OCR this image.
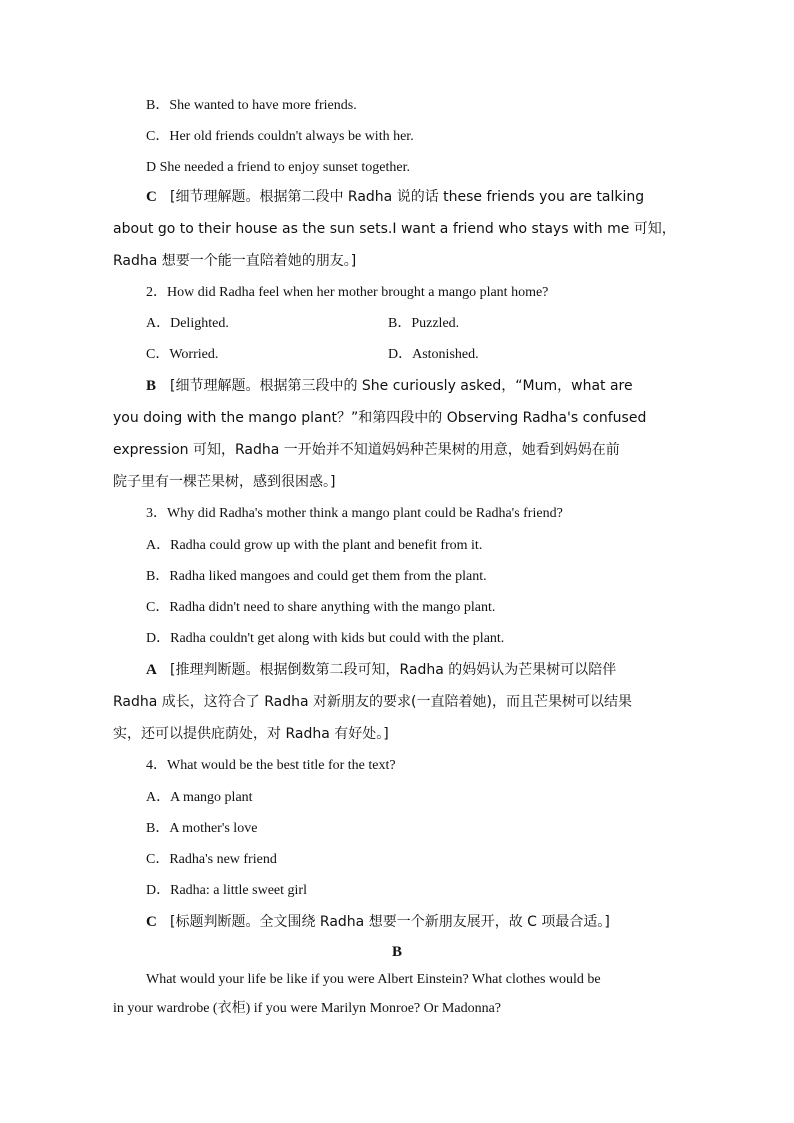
B．She wanted to have more friends.
C．Her old friends couldn't always be with her.
D She needed a friend to enjoy sunset together.
C [细节理解题。根据第二段中 Radha 说的话 these friends you are talking
about go to their house as the sun sets.I want a friend who stays with me 可知，
Radha 想要一个能一直陪着她的朋友。]
2．How did Radha feel when her mother brought a mango plant home?
A．Delighted.	B．Puzzled.
C．Worried.	D．Astonished.
B [细节理解题。根据第三段中的 She curiously asked，“Mum，what are
you doing with the mango plant？”和第四段中的 Observing Radha's confused
expression 可知，Radha 一开始并不知道妈妈种芒果树的用意，她看到妈妈在前
院子里有一棵芒果树，感到很困惑。]
3．Why did Radha's mother think a mango plant could be Radha's friend?
A．Radha could grow up with the plant and benefit from it.
B．Radha liked mangoes and could get them from the plant.
C．Radha didn't need to share anything with the mango plant.
D．Radha couldn't get along with kids but could with the plant.
A [推理判断题。根据倒数第二段可知，Radha 的妈妈认为芒果树可以陪伴
Radha 成长，这符合了 Radha 对新朋友的要求(一直陪着她)，而且芒果树可以结果
实，还可以提供庇荫处，对 Radha 有好处。]
4．What would be the best title for the text?
A．A mango plant
B．A mother's love
C．Radha's new friend
D．Radha: a little sweet girl
C [标题判断题。全文围绕 Radha 想要一个新朋友展开，故 C 项最合适。]
B
What would your life be like if you were Albert Einstein? What clothes would be
in your wardrobe (衣柜) if you were Marilyn Monroe? Or Madonna?
